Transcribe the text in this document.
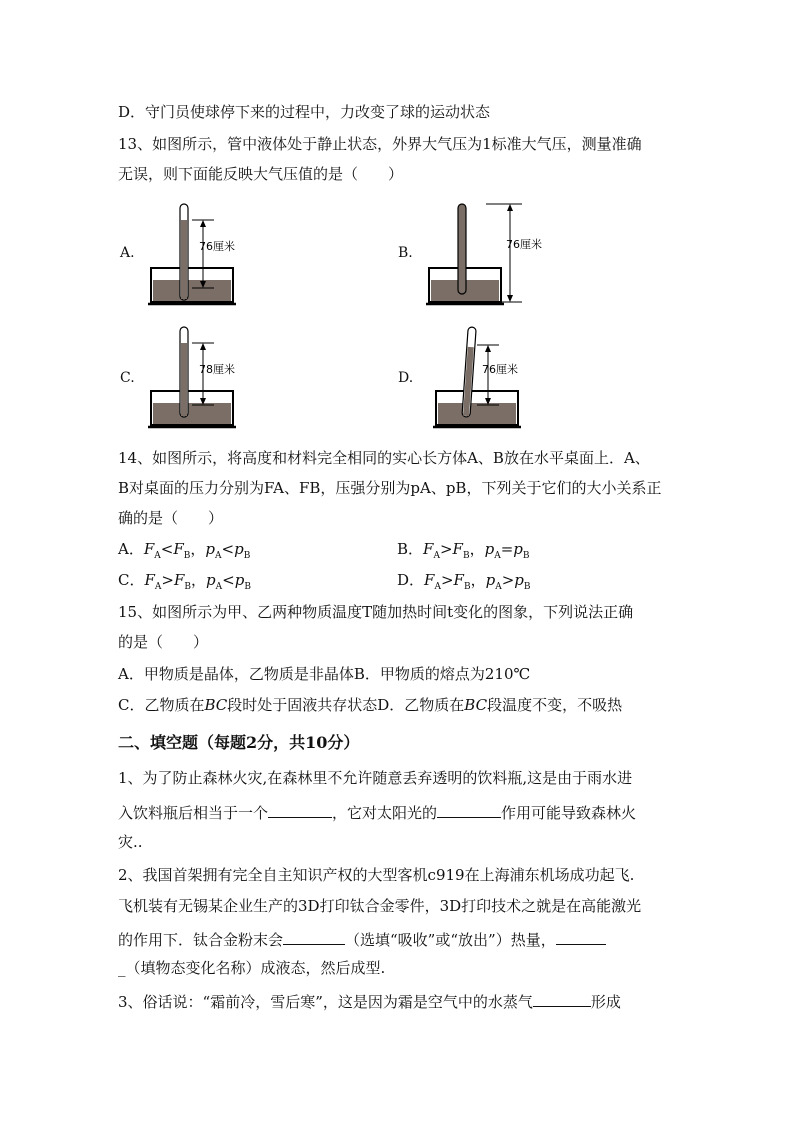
D．守门员使球停下来的过程中，力改变了球的运动状态
13、如图所示，管中液体处于静止状态，外界大气压为1标准大气压，测量准确
无误，则下面能反映大气压值的是（　　）
A.	76厘米	B.
76厘米
C.
78厘米
D.
76厘米
14、如图所示，将高度和材料完全相同的实心长方体A、B放在水平桌面上．A、
B对桌面的压力分别为FA、FB，压强分别为pA、pB，下列关于它们的大小关系正
确的是（　　）
A．$F_A<F_B$，$p_A<p_B$	B．$F_A>F_B$，$p_A=p_B$
C．$F_A>F_B$，$p_A<p_B$	D．$F_A>F_B$，$p_A>p_B$
15、如图所示为甲、乙两种物质温度T随加热时间t变化的图象，下列说法正确
的是（　　）
A．甲物质是晶体，乙物质是非晶体B．甲物质的熔点为210℃
C．乙物质在BC段时处于固液共存状态D．乙物质在BC段温度不变，不吸热
二、填空题（每题2分，共10分）
1、为了防止森林火灾,在森林里不允许随意丢弃透明的饮料瓶,这是由于雨水进
入饮料瓶后相当于一个	，它对太阳光的	作用可能导致森林火
灾..
2、我国首架拥有完全自主知识产权的大型客机c919在上海浦东机场成功起飞.
飞机装有无锡某企业生产的3D打印钛合金零件，3D打印技术之就是在高能激光
的作用下．钛合金粉末会	（选填“吸收”或“放出”）热量，
_（填物态变化名称）成液态，然后成型.
3、俗话说：“霜前冷，雪后寒”，这是因为霜是空气中的水蒸气	形成
